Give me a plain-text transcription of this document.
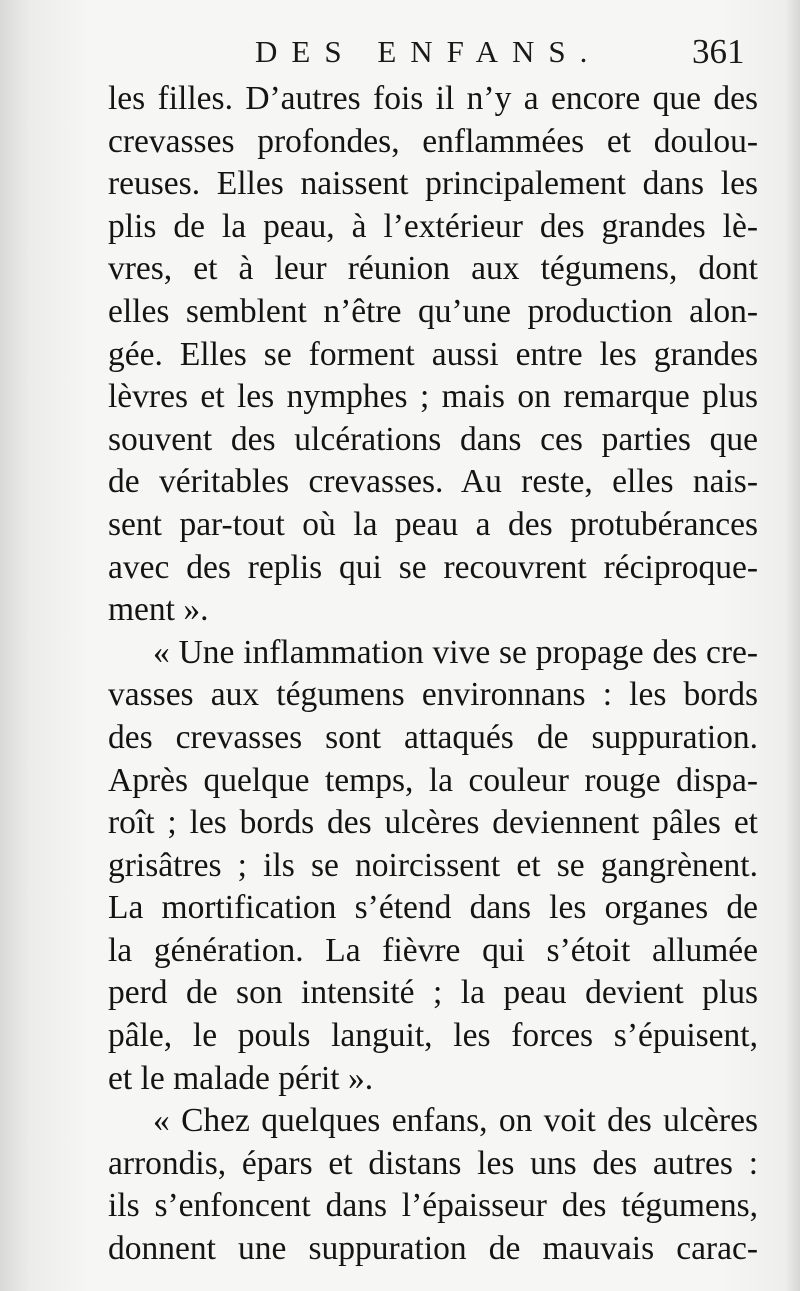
DES ENFANS.	361
les filles. D’autres fois il n’y a encore que des
crevasses profondes, enflammées et doulou-
reuses. Elles naissent principalement dans les
plis de la peau, à l’extérieur des grandes lè-
vres, et à leur réunion aux tégumens, dont
elles semblent n’être qu’une production alon-
gée. Elles se forment aussi entre les grandes
lèvres et les nymphes ; mais on remarque plus
souvent des ulcérations dans ces parties que
de véritables crevasses. Au reste, elles nais-
sent par-tout où la peau a des protubérances
avec des replis qui se recouvrent réciproque-
ment ».
« Une inflammation vive se propage des cre-
vasses aux tégumens environnans : les bords
des crevasses sont attaqués de suppuration.
Après quelque temps, la couleur rouge dispa-
roît ; les bords des ulcères deviennent pâles et
grisâtres ; ils se noircissent et se gangrènent.
La mortification s’étend dans les organes de
la génération. La fièvre qui s’étoit allumée
perd de son intensité ; la peau devient plus
pâle, le pouls languit, les forces s’épuisent,
et le malade périt ».
« Chez quelques enfans, on voit des ulcères
arrondis, épars et distans les uns des autres :
ils s’enfoncent dans l’épaisseur des tégumens,
donnent une suppuration de mauvais carac-
